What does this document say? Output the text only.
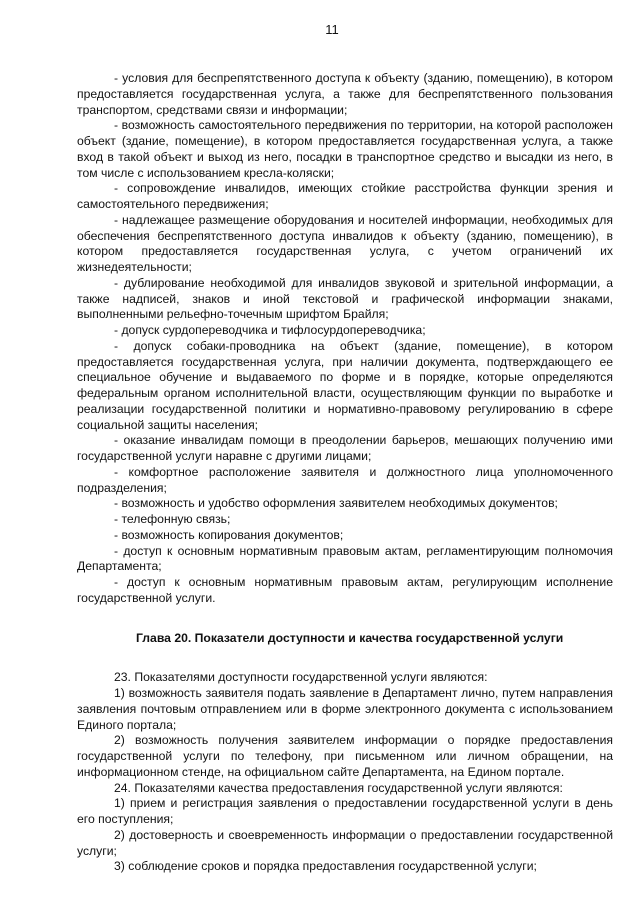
11

- условия для беспрепятственного доступа к объекту (зданию, помещению), в котором предоставляется государственная услуга, а также для беспрепятственного пользования транспортом, средствами связи и информации;

- возможность самостоятельного передвижения по территории, на которой расположен объект (здание, помещение), в котором предоставляется государственная услуга, а также вход в такой объект и выход из него, посадки в транспортное средство и высадки из него, в том числе с использованием кресла-коляски;

- сопровождение инвалидов, имеющих стойкие расстройства функции зрения и самостоятельного передвижения;

- надлежащее размещение оборудования и носителей информации, необходимых для обеспечения беспрепятственного доступа инвалидов к объекту (зданию, помещению), в котором предоставляется государственная услуга, с учетом ограничений их жизнедеятельности;

- дублирование необходимой для инвалидов звуковой и зрительной информации, а также надписей, знаков и иной текстовой и графической информации знаками, выполненными рельефно-точечным шрифтом Брайля;

- допуск сурдопереводчика и тифлосурдопереводчика;

- допуск собаки-проводника на объект (здание, помещение), в котором предоставляется государственная услуга, при наличии документа, подтверждающего ее специальное обучение и выдаваемого по форме и в порядке, которые определяются федеральным органом исполнительной власти, осуществляющим функции по выработке и реализации государственной политики и нормативно-правовому регулированию в сфере социальной защиты населения;

- оказание инвалидам помощи в преодолении барьеров, мешающих получению ими государственной услуги наравне с другими лицами;

- комфортное расположение заявителя и должностного лица уполномоченного подразделения;

- возможность и удобство оформления заявителем необходимых документов;

- телефонную связь;

- возможность копирования документов;

- доступ к основным нормативным правовым актам, регламентирующим полномочия Департамента;

- доступ к основным нормативным правовым актам, регулирующим исполнение государственной услуги.

Глава 20. Показатели доступности и качества государственной услуги

23. Показателями доступности государственной услуги являются:

1) возможность заявителя подать заявление в Департамент лично, путем направления заявления почтовым отправлением или в форме электронного документа с использованием Единого портала;

2) возможность получения заявителем информации о порядке предоставления государственной услуги по телефону, при письменном или личном обращении, на информационном стенде, на официальном сайте Департамента, на Едином портале.

24. Показателями качества предоставления государственной услуги являются:

1) прием и регистрация заявления о предоставлении государственной услуги в день его поступления;

2) достоверность и своевременность информации о предоставлении государственной услуги;

3) соблюдение сроков и порядка предоставления государственной услуги;
